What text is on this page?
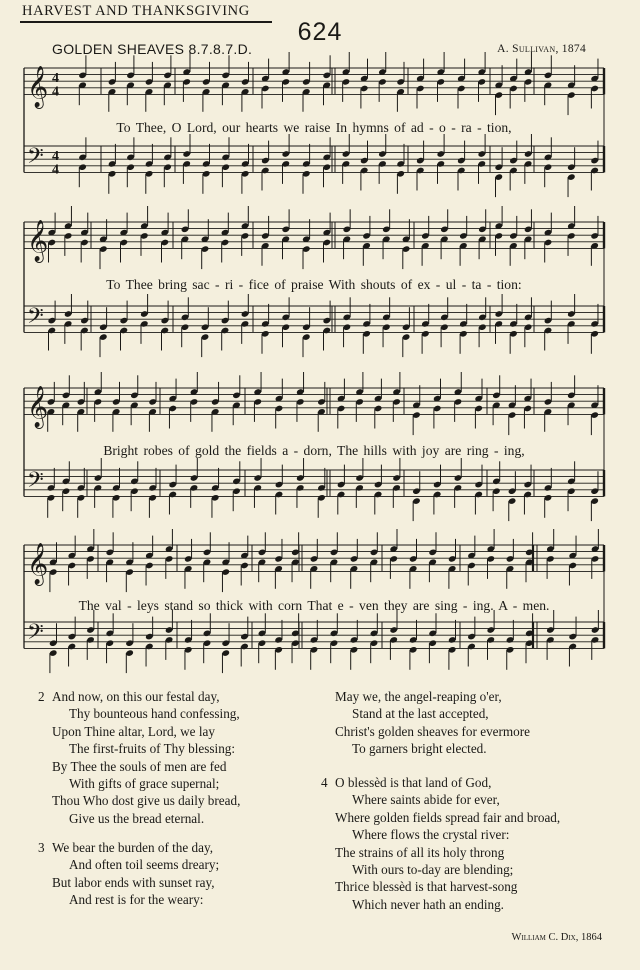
HARVEST AND THANKSGIVING
624
GOLDEN SHEAVES 8.7.8.7.D.	A. Sullivan, 1874
𝄞 4
4
𝄢 4
4
𝄞
𝄢
𝄞
𝄢
𝄞
𝄢
To Thee, O Lord, our hearts we raise In hymns of ad - o - ra - tion,
To Thee bring sac - ri - fice of praise With shouts of ex - ul - ta - tion:
Bright robes of gold the fields a - dorn, The hills with joy are ring - ing,
The val - leys stand so thick with corn That e - ven they are sing - ing. A - men.
2 And now, on this our festal day,
Thy bounteous hand confessing,
Upon Thine altar, Lord, we lay
The first-fruits of Thy blessing:
By Thee the souls of men are fed
With gifts of grace supernal;
Thou Who dost give us daily bread,
Give us the bread eternal.
3 We bear the burden of the day,
And often toil seems dreary;
But labor ends with sunset ray,
And rest is for the weary:
May we, the angel-reaping o'er,
Stand at the last accepted,
Christ's golden sheaves for evermore
To garners bright elected.
4 O blessèd is that land of God,
Where saints abide for ever,
Where golden fields spread fair and broad,
Where flows the crystal river:
The strains of all its holy throng
With ours to-day are blending;
Thrice blessèd is that harvest-song
Which never hath an ending.
William C. Dix, 1864
